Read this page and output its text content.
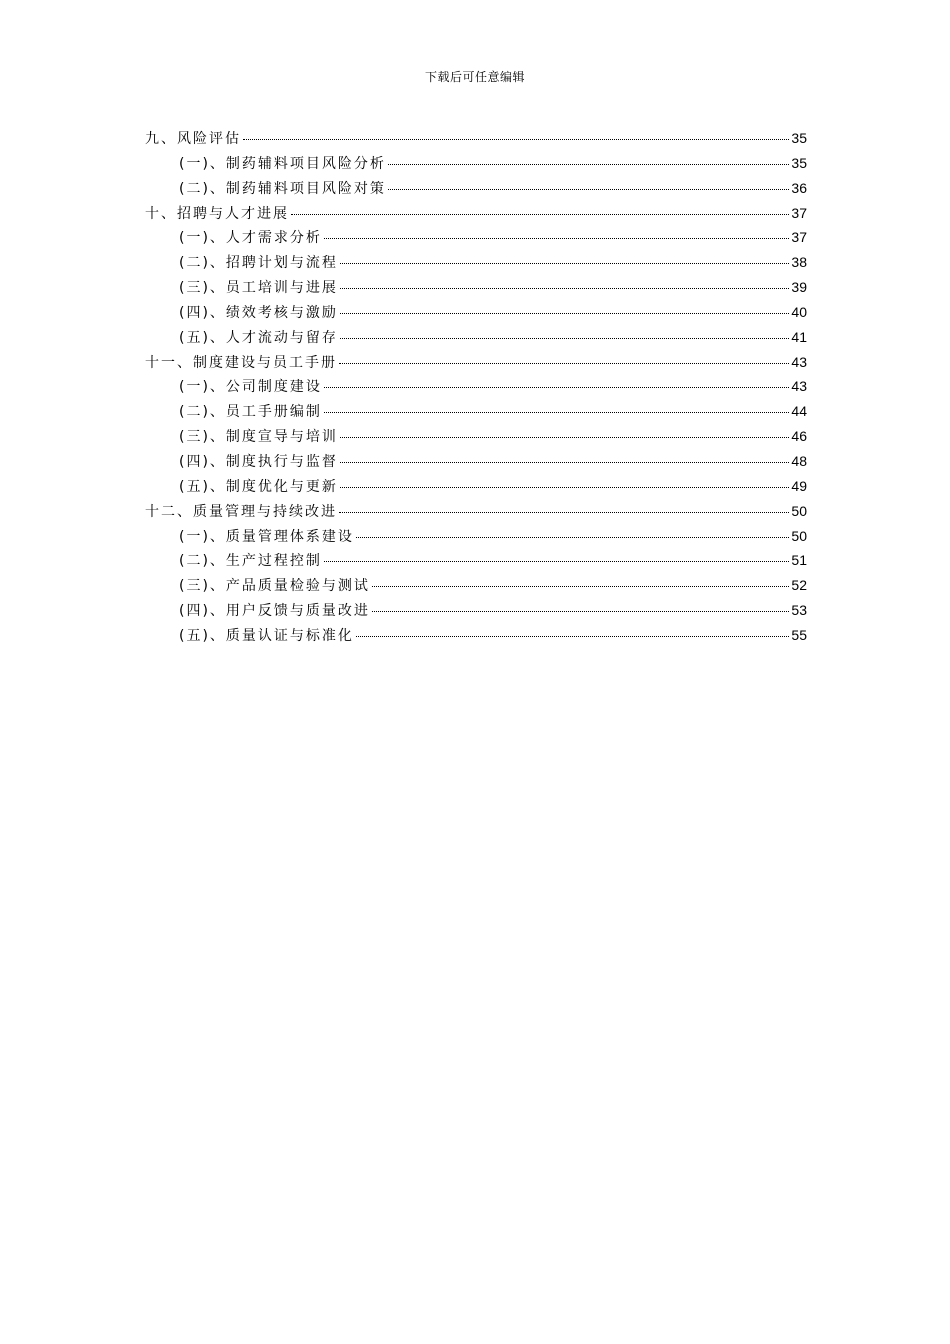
下载后可任意编辑
九、风险评估	35
(一)、制药辅料项目风险分析	35
(二)、制药辅料项目风险对策	36
十、招聘与人才进展	37
(一)、人才需求分析	37
(二)、招聘计划与流程	38
(三)、员工培训与进展	39
(四)、绩效考核与激励	40
(五)、人才流动与留存	41
十一、制度建设与员工手册	43
(一)、公司制度建设	43
(二)、员工手册编制	44
(三)、制度宣导与培训	46
(四)、制度执行与监督	48
(五)、制度优化与更新	49
十二、质量管理与持续改进	50
(一)、质量管理体系建设	50
(二)、生产过程控制	51
(三)、产品质量检验与测试	52
(四)、用户反馈与质量改进	53
(五)、质量认证与标准化	55
